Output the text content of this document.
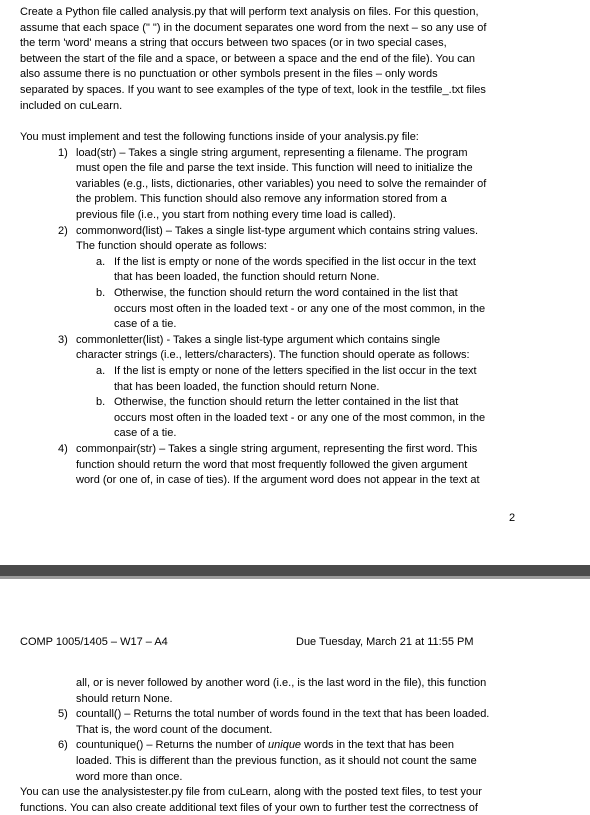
Create a Python file called analysis.py that will perform text analysis on files. For this question,
assume that each space (" ") in the document separates one word from the next – so any use of
the term 'word' means a string that occurs between two spaces (or in two special cases,
between the start of the file and a space, or between a space and the end of the file). You can
also assume there is no punctuation or other symbols present in the files – only words
separated by spaces. If you want to see examples of the type of text, look in the testfile_.txt files
included on cuLearn.
You must implement and test the following functions inside of your analysis.py file:
1) load(str) – Takes a single string argument, representing a filename. The program
must open the file and parse the text inside. This function will need to initialize the
variables (e.g., lists, dictionaries, other variables) you need to solve the remainder of
the problem. This function should also remove any information stored from a
previous file (i.e., you start from nothing every time load is called).
2) commonword(list) – Takes a single list-type argument which contains string values.
The function should operate as follows:
a. If the list is empty or none of the words specified in the list occur in the text
that has been loaded, the function should return None.
b. Otherwise, the function should return the word contained in the list that
occurs most often in the loaded text - or any one of the most common, in the
case of a tie.
3) commonletter(list) - Takes a single list-type argument which contains single
character strings (i.e., letters/characters). The function should operate as follows:
a. If the list is empty or none of the letters specified in the list occur in the text
that has been loaded, the function should return None.
b. Otherwise, the function should return the letter contained in the list that
occurs most often in the loaded text - or any one of the most common, in the
case of a tie.
4) commonpair(str) – Takes a single string argument, representing the first word. This
function should return the word that most frequently followed the given argument
word (or one of, in case of ties). If the argument word does not appear in the text at
2
COMP 1005/1405 – W17 – A4	Due Tuesday, March 21 at 11:55 PM
all, or is never followed by another word (i.e., is the last word in the file), this function
should return None.
5) countall() – Returns the total number of words found in the text that has been loaded.
That is, the word count of the document.
6) countunique() – Returns the number of unique words in the text that has been
loaded. This is different than the previous function, as it should not count the same
word more than once.
You can use the analysistester.py file from cuLearn, along with the posted text files, to test your
functions. You can also create additional text files of your own to further test the correctness of
